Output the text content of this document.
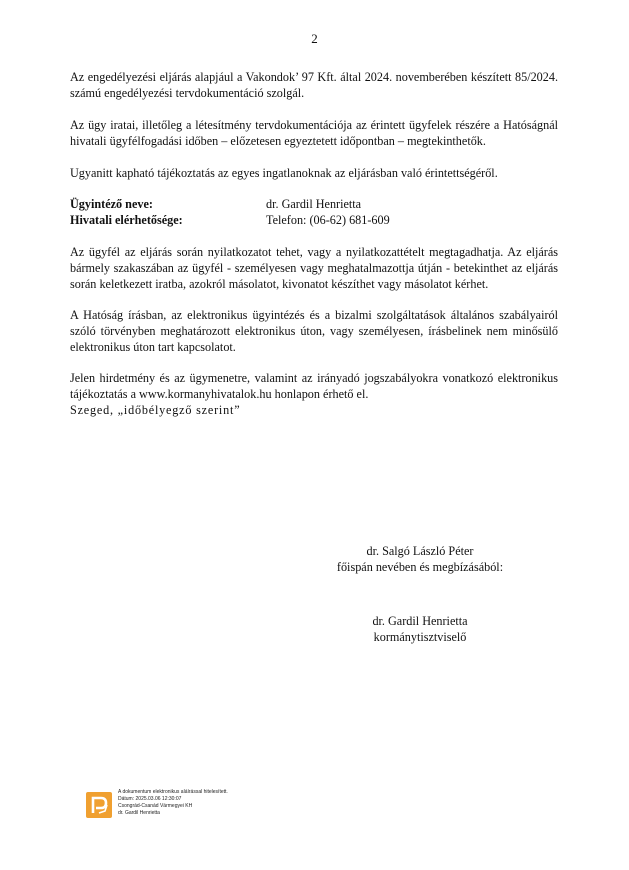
2

Az engedélyezési eljárás alapjául a Vakondok’ 97 Kft. által 2024. novemberében készített 85/2024. számú engedélyezési tervdokumentáció szolgál.

Az ügy iratai, illetőleg a létesítmény tervdokumentációja az érintett ügyfelek részére a Hatóságnál hivatali ügyfélfogadási időben – előzetesen egyeztetett időpontban – megtekinthetők.

Ugyanitt kapható tájékoztatás az egyes ingatlanoknak az eljárásban való érintettségéről.

Ügyintéző neve:	dr. Gardil Henrietta
Hivatali elérhetősége:	Telefon: (06-62) 681-609

Az ügyfél az eljárás során nyilatkozatot tehet, vagy a nyilatkozattételt megtagadhatja. Az eljárás bármely szakaszában az ügyfél - személyesen vagy meghatalmazottja útján - betekinthet az eljárás során keletkezett iratba, azokról másolatot, kivonatot készíthet vagy másolatot kérhet.

A Hatóság írásban, az elektronikus ügyintézés és a bizalmi szolgáltatások általános szabályairól szóló törvényben meghatározott elektronikus úton, vagy személyesen, írásbelinek nem minősülő elektronikus úton tart kapcsolatot.

Jelen hirdetmény és az ügymenetre, valamint az irányadó jogszabályokra vonatkozó elektronikus tájékoztatás a www.kormanyhivatalok.hu honlapon érhető el.

Szeged, „időbélyegző szerint”

dr. Salgó László Péter
főispán nevében és megbízásából:
dr. Gardil Henrietta
kormánytisztviselő
A dokumentum elektronikus aláírással hitelesített.
Dátum: 2025.03.06 12:30:07
Csongrád-Csanád Vármegyei KH
dr. Gardil Henrietta
